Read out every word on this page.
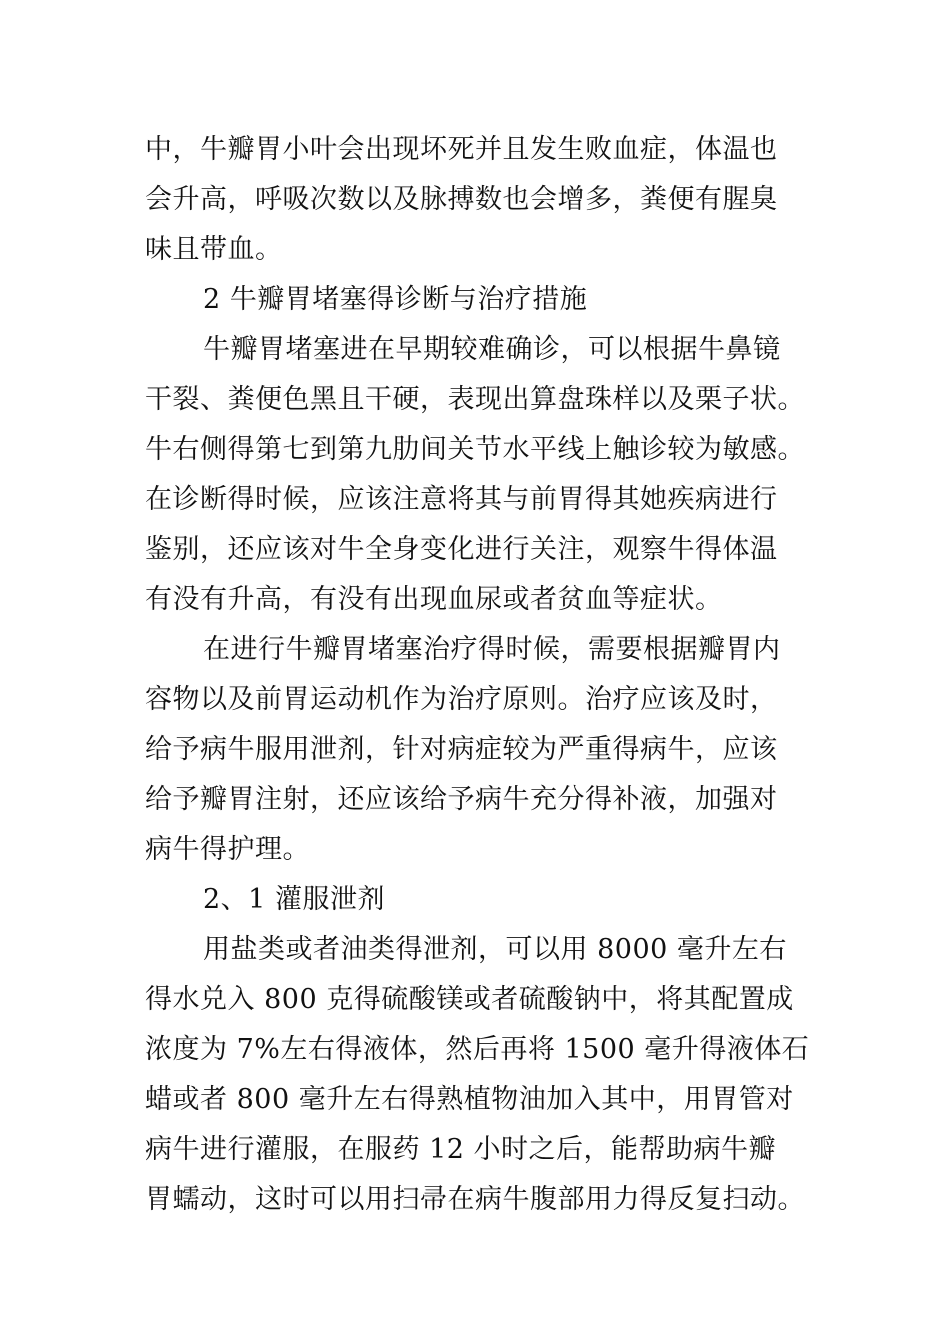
中，牛瓣胃小叶会出现坏死并且发生败血症，体温也
会升高，呼吸次数以及脉搏数也会增多，粪便有腥臭
味且带血。
2 牛瓣胃堵塞得诊断与治疗措施
牛瓣胃堵塞进在早期较难确诊，可以根据牛鼻镜
干裂、粪便色黑且干硬，表现出算盘珠样以及栗子状。
牛右侧得第七到第九肋间关节水平线上触诊较为敏感。
在诊断得时候，应该注意将其与前胃得其她疾病进行
鉴别，还应该对牛全身变化进行关注，观察牛得体温
有没有升高，有没有出现血尿或者贫血等症状。
在进行牛瓣胃堵塞治疗得时候，需要根据瓣胃内
容物以及前胃运动机作为治疗原则。治疗应该及时，
给予病牛服用泄剂，针对病症较为严重得病牛，应该
给予瓣胃注射，还应该给予病牛充分得补液，加强对
病牛得护理。
2、1 灌服泄剂
用盐类或者油类得泄剂，可以用 8000 毫升左右
得水兑入 800 克得硫酸镁或者硫酸钠中，将其配置成
浓度为 7%左右得液体，然后再将 1500 毫升得液体石
蜡或者 800 毫升左右得熟植物油加入其中，用胃管对
病牛进行灌服，在服药 12 小时之后，能帮助病牛瓣
胃蠕动，这时可以用扫帚在病牛腹部用力得反复扫动。
